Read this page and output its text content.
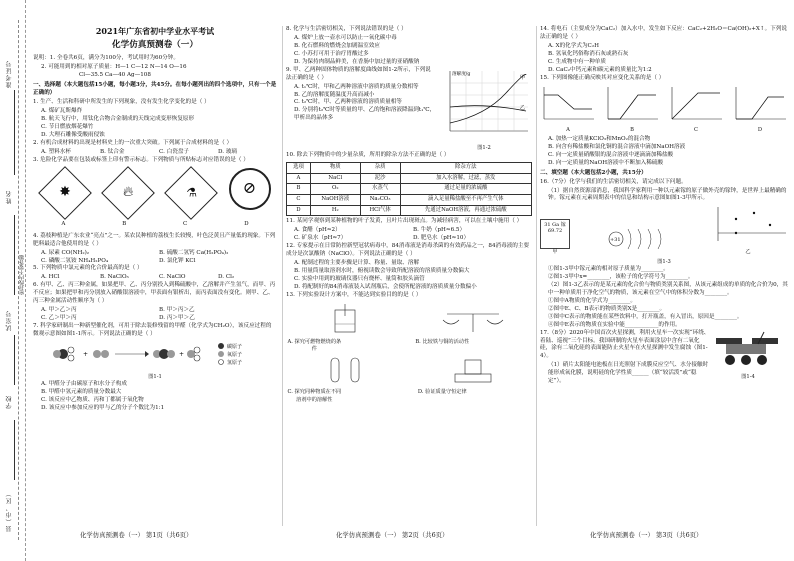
准考证号
姓名
试室号
学校
县（市、区）
密封线内不要答题
2021年广东省初中学业水平考试
化学仿真预测卷（一）
说明：1. 全卷共6页，满分为100分，考试用时为60分钟。
2. 可能用到的相对原子质量：H—1 C—12 N—14 O—16
Cl—35.5 Ca—40 Ag—108
一、选择题（本大题包括15小题，每小题3分，共45分。在每小题列出的四个选项中，只有一个是正确的）
1. 生产、生活和科研中所发生的下列现象，没有发生化学变化的是（ ）
A. 煤矿瓦斯爆炸
B. 航天飞行中，用钛化合物合金制成的天线完成变形恢复原形
C. 节日燃放烟花爆竹
D. 大理石雕像受酸雨侵蚀
2. 有机合成材料的出现是材料史上的一次重大突破。下列属于合成材料的是（ ）
A. 塑料水杯	B. 钛合金	C. 白瓷盘子	D. 玻璃
3. 危险化学品要在包装或标签上印有警示标志。下列物质与所贴标志对应错误的是（ ）
✸	🔥︎	⚗	⊘
A	B	C	D
4. 荔枝种植是广东农业“亮点”之一。某农民种植的荔枝生长较慢，叶色泛黄且产量低的现象。下列肥料最适合他使用的是（ ）
A. 尿素 CO(NH₂)₂	B. 硫酸二氢钙 Ca(H₂PO₄)₂
C. 磷酸二氢铵 NH₄H₂PO₄	D. 氯化钾 KCl
5. 下列物质中氯元素的化合价最高的是（ ）
A. HCl	B. NaClO₃	C. NaClO	D. Cl₂
6. 有甲、乙、丙三种金属，如果把甲、乙、丙分别投入到稀硫酸中，乙溶解并产生氢气，而甲、丙不反应；如果把甲和丙分别放入硝酸银溶液中，甲表面有银析出，而丙表面没有变化。则甲、乙、丙三种金属活动性顺序为（ ）
A. 甲＞乙＞丙	B. 甲＞丙＞乙
C. 乙＞甲＞丙	D. 丙＞甲＞乙
7. 科学家研制出一种新型催化剂，可用于除去装修残留的甲醛（化学式为CH₂O），该反应过程的微观示意图如图1-1所示。下列说法正确的是（ ）
+	+
碳原子
氧原子
氢原子
图1-1
A. 甲醛分子由碳原子和水分子构成
B. 甲醛中氢元素的质量分数最大
C. 该反应中乙物质、丙和丁都属于氧化物
D. 该反应中参加反应的甲与乙的分子个数比为1:1
化学仿真预测卷（一） 第1页（共6页）
8. 化学与生活密切相关，下列说法错误的是（ ）
A. 煤炉上放一壶水可以防止一氧化碳中毒
B. 化石燃料的燃烧会加剧温室效应
C. 小苏打可用于治疗胃酸过多
D. 为保持肉制品鲜美，在香肠中加过量的亚硝酸钠
9. 甲、乙两种固体物质的溶解度曲线如图1-2所示，下列说法正确的是（ ）
A. t₁℃时，甲和乙两种溶液中溶质的质量分数相等
B. 乙的溶解度随温度升高而减小
C. t₂℃时，甲、乙两种溶液的溶质质量相等
D. 分别将t₂℃时等质量的甲、乙的饱和溶液降温到t₁℃，甲析出的晶体多
溶解度/g
甲
乙
图1-2
10. 除去下列物质中的少量杂质，所用的除杂方法不正确的是（ ）
选项	物质	杂质	除杂方法
A	NaCl	泥沙	加入水溶解，过滤，蒸发
B	O₂	水蒸气	通过足量的浓硫酸
C	NaOH溶液	Na₂CO₃	滴入足量稀盐酸至不再产生气体
D	H₂	HCl气体	先通过NaOH溶液，再通过浓硫酸
11. 某同学观察到某种植物的叶子发黄，且叶片出现斑点。为减轻病害，可以在土壤中施用（ ）
A. 食醋（pH≈2）	B. 牛奶（pH≈6.5）
C. 矿泉水（pH≈7）	D. 肥皂水（pH≈10）
12. 专家提示在日常防控新型冠状病毒中，84消毒液是消毒杀菌的有效药品之一，84消毒液的主要成分是次氯酸钠（NaClO）。下列说法正确的是（ ）
A. 配制过程的主要步骤是计算、称量、量取、溶解
B. 用量筒量取溶剂水时，俯视读数会导致所配溶液的溶质质量分数偏大
C. 实验中用到的玻璃仪器只有烧杯、量筒和胶头滴管
D. 将配制好的84消毒液装入试剂瓶后，会使所配溶液的溶质质量分数偏小
13. 下列实验设计方案中，不能达到实验目的的是（ ）
A. 探究可燃物燃烧的条件
B. 比较铁与铜的活动性
C. 探究同种物质在不同溶剂中的溶解性
D. 验证质量守恒定律
化学仿真预测卷（一） 第2页（共6页）
14. 将电石（主要成分为CaC₂）加入水中，发生如下反应：CaC₂+2H₂O＝Ca(OH)₂+X↑。下列说法正确的是（ ）
A. X的化学式为C₂H
B. 氢氧化钙俗称消石灰或熟石灰
C. 生成物中有一种单质
D. CaC₂中钙元素和碳元素的质量比为1:2
15. 下列图像能正确反映其对应变化关系的是（ ）
A	B	C	D
A. 加热一定质量KClO₃和MnO₂的混合物
B. 向含有稀盐酸和氯化铜的混合溶液中滴加NaOH溶液
C. 向一定质量硝酸银的混合溶液中逐滴滴加稀盐酸
D. 向一定质量的NaOH溶液中不断加入稀硫酸
二、填空题（本大题包括2小题，共15分）
16.（7分）化学与我们的生活密切相关，请完成以下问题。
（1）据自然资源部消息，我国科学家利用一种以元素镓的原子做外壳的镓钟，是世界上最精确的钟。镓元素在元素周期表中的信息和结构示意图如图1-3甲所示。
31 Ga 镓 69.72
甲
+31
乙
图1-3
①图1-3甲中镓元素的相对原子质量为________。
②图1-3甲中x=________，该粒子的化学符号为________。
（2）图1-3乙表示的是某元素的化合价与物质类别关系图，从该元素组成的单质的化合价为0，其中一种单质用于净化空气的物质，该元素在空气中的体积分数为________。
①图中A物质的化学式为________。
②图中E、C、B表示的物质类别X是________。
③图中C表示的物质能在某些饮料中，打开瓶盖，有入冒出，原因是________。
④图中E表示的物质在实验中能____________的作用。
17.（8分）2020年中国首次火星探测，利用火星车一次实现“环绕、着陆、巡视”三个目标。我国研制的火星车表面涂层中含有二氧化硅，涂有二氧化硅的表面能防止火星车在火星探测中发生腐蚀（图1-4）。
（1）硝片太阳能电池板在日光照射下成膜反应空气、水分接触时能形成氧化膜，说明硅的化学性质______（填“较活泼”或“稳定”）。
图1-4
化学仿真预测卷（一） 第3页（共6页）
